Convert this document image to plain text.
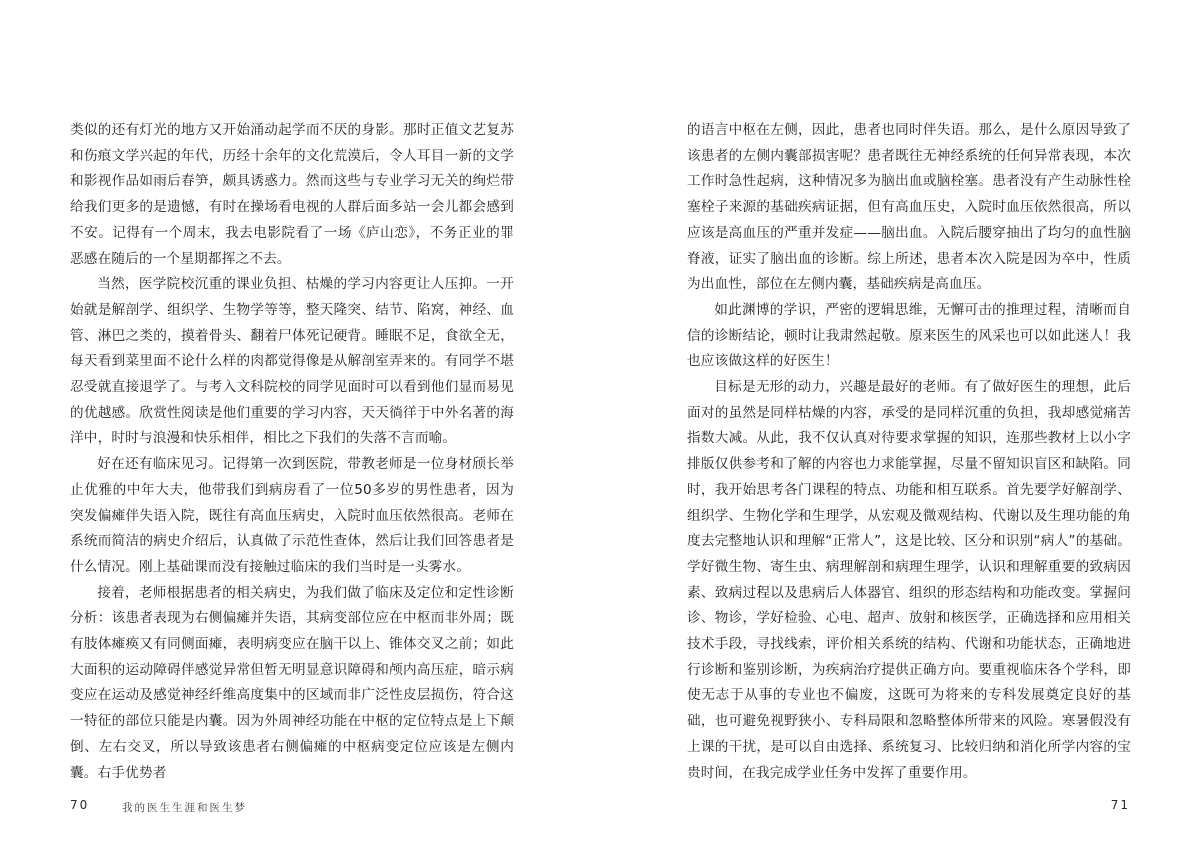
类似的还有灯光的地方又开始涌动起学而不厌的身影。那时正值文艺复苏和伤痕文学兴起的年代，历经十余年的文化荒漠后，令人耳目一新的文学和影视作品如雨后春笋，颇具诱惑力。然而这些与专业学习无关的绚烂带给我们更多的是遗憾，有时在操场看电视的人群后面多站一会儿都会感到不安。记得有一个周末，我去电影院看了一场《庐山恋》，不务正业的罪恶感在随后的一个星期都挥之不去。

当然，医学院校沉重的课业负担、枯燥的学习内容更让人压抑。一开始就是解剖学、组织学、生物学等等，整天隆突、结节、陷窝，神经、血管、淋巴之类的，摸着骨头、翻着尸体死记硬背。睡眠不足，食欲全无，每天看到菜里面不论什么样的肉都觉得像是从解剖室弄来的。有同学不堪忍受就直接退学了。与考入文科院校的同学见面时可以看到他们显而易见的优越感。欣赏性阅读是他们重要的学习内容，天天徜徉于中外名著的海洋中，时时与浪漫和快乐相伴，相比之下我们的失落不言而喻。

好在还有临床见习。记得第一次到医院，带教老师是一位身材颀长举止优雅的中年大夫，他带我们到病房看了一位50多岁的男性患者，因为突发偏瘫伴失语入院，既往有高血压病史，入院时血压依然很高。老师在系统而简洁的病史介绍后，认真做了示范性查体，然后让我们回答患者是什么情况。刚上基础课而没有接触过临床的我们当时是一头雾水。

接着，老师根据患者的相关病史，为我们做了临床及定位和定性诊断分析：该患者表现为右侧偏瘫并失语，其病变部位应在中枢而非外周；既有肢体瘫痪又有同侧面瘫，表明病变应在脑干以上、锥体交叉之前；如此大面积的运动障碍伴感觉异常但暂无明显意识障碍和颅内高压症，暗示病变应在运动及感觉神经纤维高度集中的区域而非广泛性皮层损伤，符合这一特征的部位只能是内囊。因为外周神经功能在中枢的定位特点是上下颠倒、左右交叉，所以导致该患者右侧偏瘫的中枢病变定位应该是左侧内囊。右手优势者

70	我的医生生涯和医生梦

的语言中枢在左侧，因此，患者也同时伴失语。那么，是什么原因导致了该患者的左侧内囊部损害呢？患者既往无神经系统的任何异常表现，本次工作时急性起病，这种情况多为脑出血或脑栓塞。患者没有产生动脉性栓塞栓子来源的基础疾病证据，但有高血压史，入院时血压依然很高，所以应该是高血压的严重并发症——脑出血。入院后腰穿抽出了均匀的血性脑脊液，证实了脑出血的诊断。综上所述，患者本次入院是因为卒中，性质为出血性，部位在左侧内囊，基础疾病是高血压。

如此渊博的学识，严密的逻辑思维，无懈可击的推理过程，清晰而自信的诊断结论，顿时让我肃然起敬。原来医生的风采也可以如此迷人！我也应该做这样的好医生！

目标是无形的动力，兴趣是最好的老师。有了做好医生的理想，此后面对的虽然是同样枯燥的内容，承受的是同样沉重的负担，我却感觉痛苦指数大减。从此，我不仅认真对待要求掌握的知识，连那些教材上以小字排版仅供参考和了解的内容也力求能掌握，尽量不留知识盲区和缺陷。同时，我开始思考各门课程的特点、功能和相互联系。首先要学好解剖学、组织学、生物化学和生理学，从宏观及微观结构、代谢以及生理功能的角度去完整地认识和理解“正常人”，这是比较、区分和识别“病人”的基础。学好微生物、寄生虫、病理解剖和病理生理学，认识和理解重要的致病因素、致病过程以及患病后人体器官、组织的形态结构和功能改变。掌握问诊、物诊，学好检验、心电、超声、放射和核医学，正确选择和应用相关技术手段，寻找线索，评价相关系统的结构、代谢和功能状态，正确地进行诊断和鉴别诊断，为疾病治疗提供正确方向。要重视临床各个学科，即使无志于从事的专业也不偏废，这既可为将来的专科发展奠定良好的基础，也可避免视野狭小、专科局限和忽略整体所带来的风险。寒暑假没有上课的干扰，是可以自由选择、系统复习、比较归纳和消化所学内容的宝贵时间，在我完成学业任务中发挥了重要作用。

71
